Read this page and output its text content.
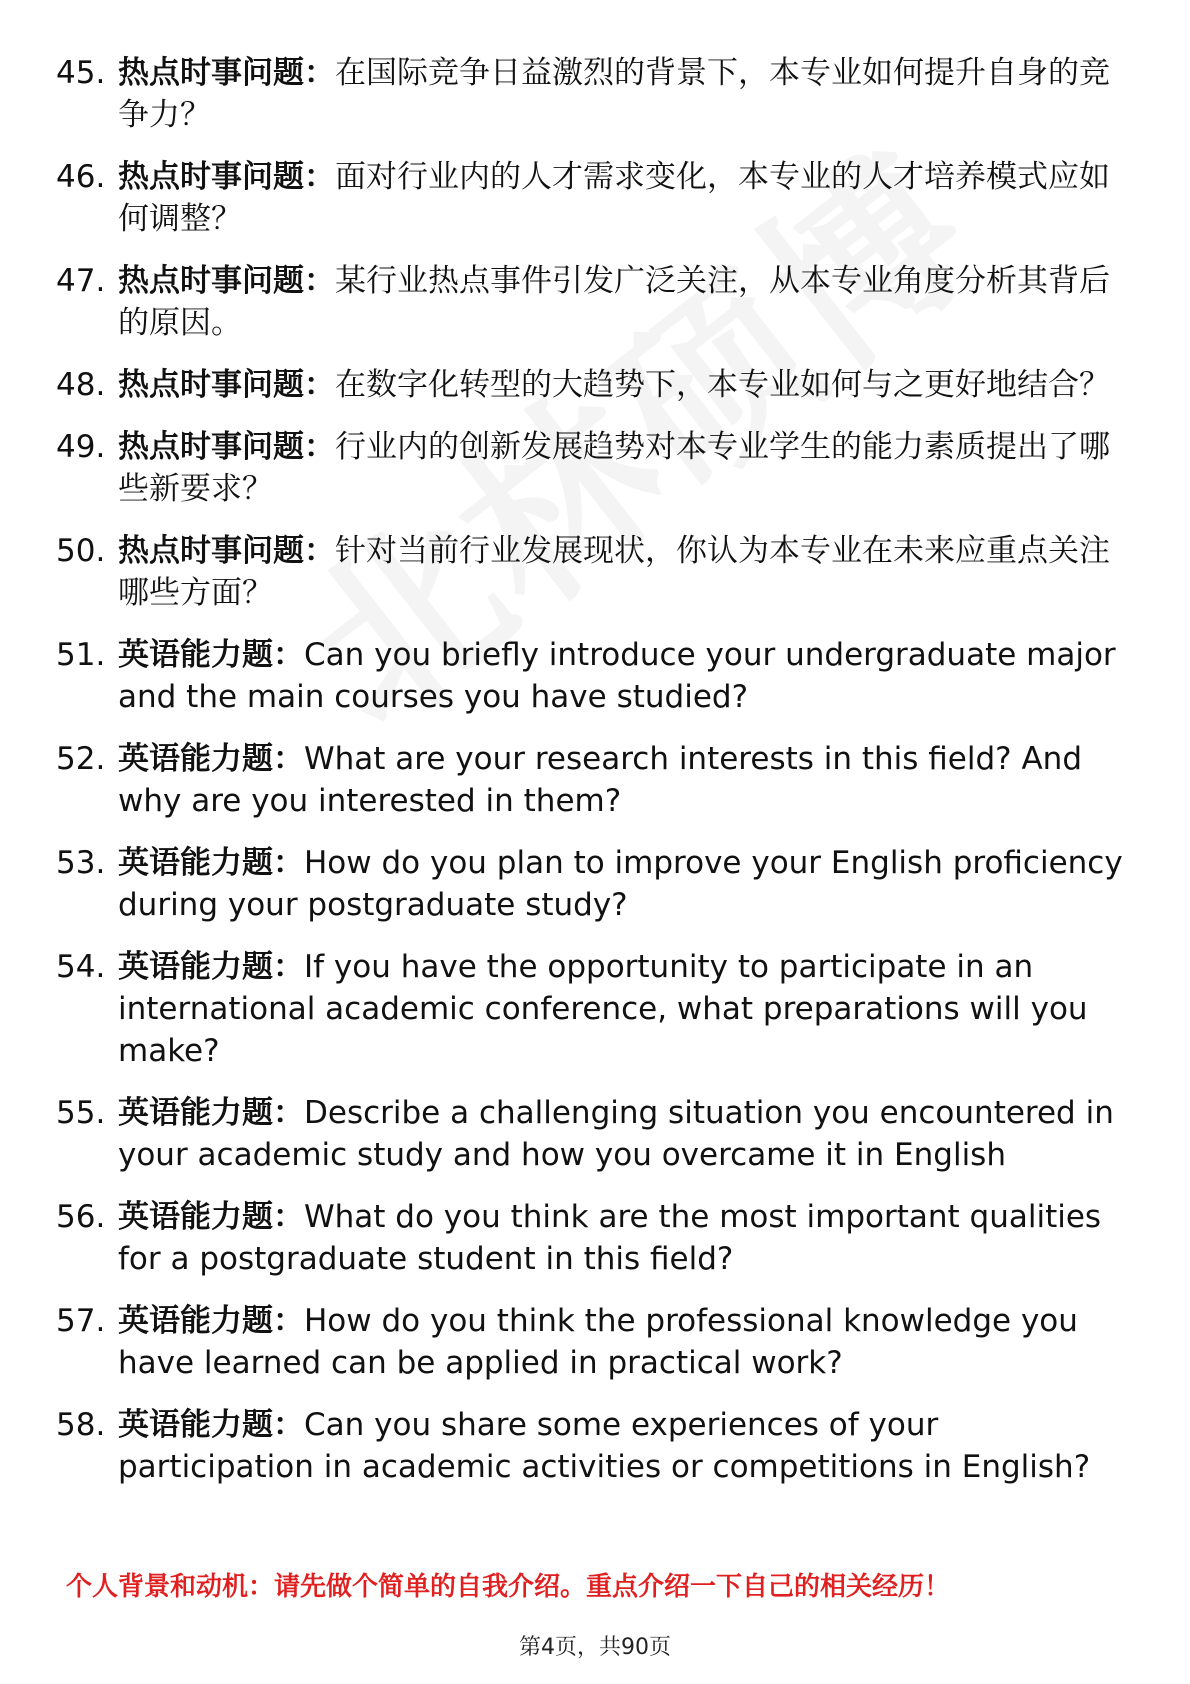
45. 热点时事问题：在国际竞争日益激烈的背景下，本专业如何提升自身的竞争力？
46. 热点时事问题：面对行业内的人才需求变化，本专业的人才培养模式应如何调整？
47. 热点时事问题：某行业热点事件引发广泛关注，从本专业角度分析其背后的原因。
48. 热点时事问题：在数字化转型的大趋势下，本专业如何与之更好地结合？
49. 热点时事问题：行业内的创新发展趋势对本专业学生的能力素质提出了哪些新要求？
50. 热点时事问题：针对当前行业发展现状，你认为本专业在未来应重点关注哪些方面？
51. 英语能力题：Can you briefly introduce your undergraduate major and the main courses you have studied?
52. 英语能力题：What are your research interests in this field? And why are you interested in them?
53. 英语能力题：How do you plan to improve your English proficiency during your postgraduate study?
54. 英语能力题：If you have the opportunity to participate in an international academic conference, what preparations will you make?
55. 英语能力题：Describe a challenging situation you encountered in your academic study and how you overcame it in English
56. 英语能力题：What do you think are the most important qualities for a postgraduate student in this field?
57. 英语能力题：How do you think the professional knowledge you have learned can be applied in practical work?
58. 英语能力题：Can you share some experiences of your participation in academic activities or competitions in English?
个人背景和动机：请先做个简单的自我介绍。重点介绍一下自己的相关经历！
第4页，共90页
